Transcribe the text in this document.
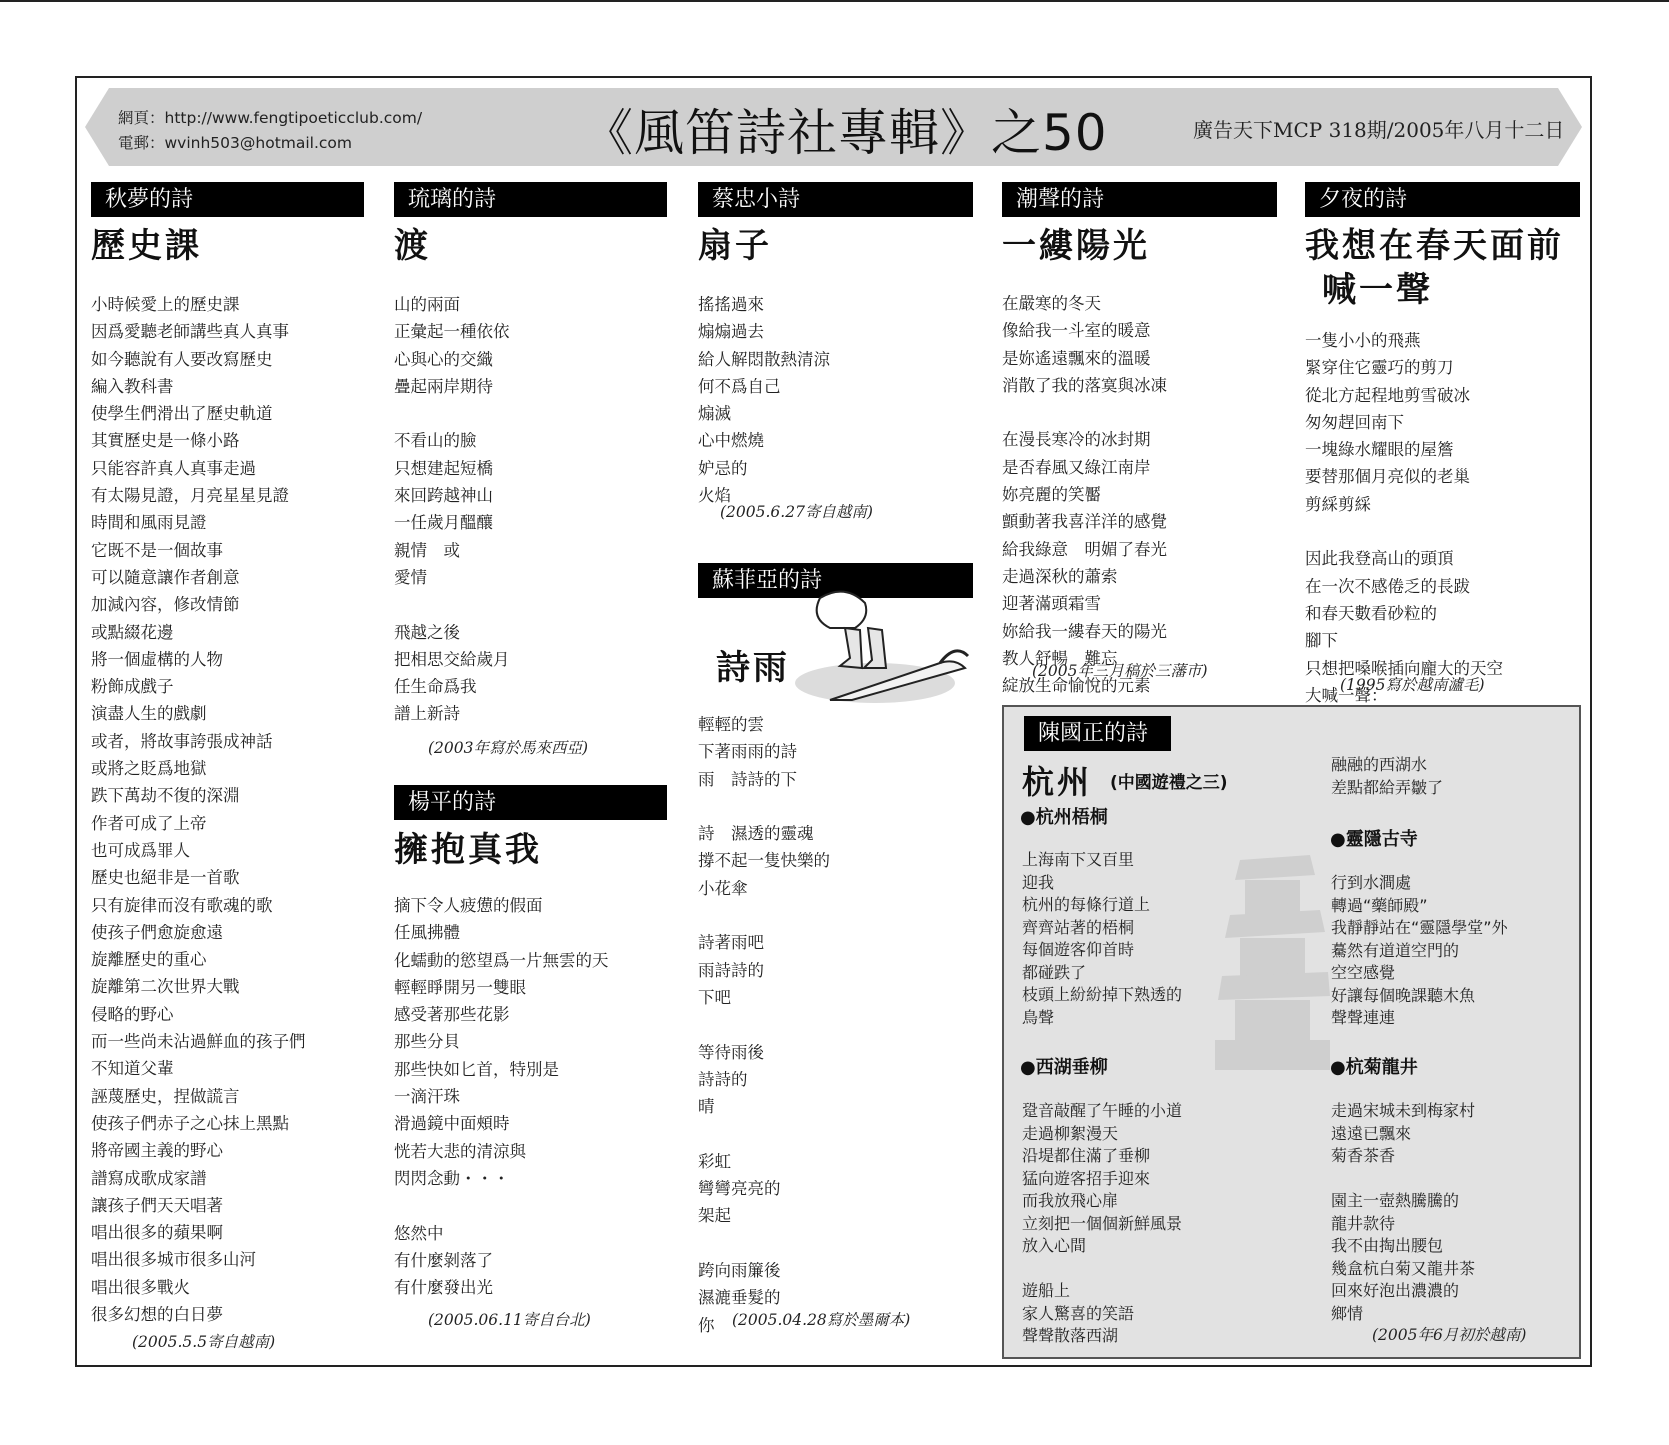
網頁：http://www.fengtipoeticclub.com/
電郵：wvinh503@hotmail.com	《風笛詩社專輯》之50	廣告天下MCP 318期/2005年八月十二日
秋夢的詩
歷史課
小時候愛上的歷史課
因爲愛聽老師講些真人真事
如今聽說有人要改寫歷史
編入教科書
使學生們滑出了歷史軌道
其實歷史是一條小路
只能容許真人真事走過
有太陽見證，月亮星星見證
時間和風雨見證
它既不是一個故事
可以隨意讓作者創意
加減內容，修改情節
或點綴花邊
將一個虛構的人物
粉飾成戲子
演盡人生的戲劇
或者，將故事誇張成神話
或將之貶爲地獄
跌下萬劫不復的深淵
作者可成了上帝
也可成爲罪人
歷史也絕非是一首歌
只有旋律而沒有歌魂的歌
使孩子們愈旋愈遠
旋離歷史的重心
旋離第二次世界大戰
侵略的野心
而一些尚未沾過鮮血的孩子們
不知道父輩
誣蔑歷史，捏做謊言
使孩子們赤子之心抹上黑點
將帝國主義的野心
譜寫成歌成家譜
讓孩子們天天唱著
唱出很多的蘋果啊
唱出很多城市很多山河
唱出很多戰火
很多幻想的白日夢
(2005.5.5寄自越南)
琉璃的詩
渡
山的兩面
正彙起一種依依
心與心的交織
疊起兩岸期待

不看山的臉
只想建起短橋
來回跨越神山
一任歲月醞釀
親情　或
愛情

飛越之後
把相思交給歲月
任生命爲我
譜上新詩
(2003年寫於馬來西亞)
楊平的詩
擁抱真我
摘下令人疲憊的假面
任風拂體
化蠕動的慾望爲一片無雲的天
輕輕睜開另一雙眼
感受著那些花影
那些分貝
那些快如匕首，特別是
一滴汗珠
滑過鏡中面頰時
恍若大悲的清涼與
閃閃念動・・・

悠然中
有什麼剝落了
有什麼發出光
(2005.06.11寄自台北)
蔡忠小詩
扇子
搖搖過來
煽煽過去
給人解悶散熱清涼
何不爲自己
煽滅
心中燃燒
妒忌的
火焰
(2005.6.27寄自越南)
蘇菲亞的詩
詩雨
輕輕的雲
下著雨雨的詩
雨　詩詩的下

詩　濕透的靈魂
撐不起一隻快樂的
小花傘

詩著雨吧
雨詩詩的
下吧

等待雨後
詩詩的
晴

彩虹
彎彎亮亮的
架起

跨向雨簾後
濕漉垂髮的
你	(2005.04.28寫於墨爾本)
潮聲的詩
一縷陽光
在嚴寒的冬天
像給我一斗室的暖意
是妳遙遠飄來的溫暖
消散了我的落寞與冰凍

在漫長寒冷的冰封期
是否春風又綠江南岸
妳亮麗的笑靨
顫動著我喜洋洋的感覺
給我綠意　明媚了春光
走過深秋的蕭索
迎著滿頭霜雪
妳給我一縷春天的陽光
教人舒暢　難忘
綻放生命愉悅的元素
(2005年三月稿於三藩市)
夕夜的詩
我想在春天面前
喊一聲
一隻小小的飛燕
緊穿住它靈巧的剪刀
從北方起程地剪雪破冰
匆匆趕回南下
一塊綠水耀眼的屋簷
要替那個月亮似的老巢
剪綵剪綵

因此我登高山的頭頂
在一次不感倦乏的長跋
和春天數看砂粒的
腳下
只想把嗓喉插向龐大的天空
大喊一聲：
(1995寫於越南瀘毛)
陳國正的詩
杭州 (中國遊禮之三)
●杭州梧桐
上海南下又百里
迎我
杭州的每條行道上
齊齊站著的梧桐
每個遊客仰首時
都碰跌了
枝頭上紛紛掉下熟透的
鳥聲
●西湖垂柳
跫音敲醒了午睡的小道
走過柳絮漫天
沿堤都住滿了垂柳
猛向遊客招手迎來
而我放飛心扉
立刻把一個個新鮮風景
放入心間

遊船上
家人驚喜的笑語
聲聲散落西湖
融融的西湖水
差點都給弄皺了
●靈隱古寺
行到水澗處
轉過“藥師殿”
我靜靜站在“靈隱學堂”外
驀然有道道空門的
空空感覺
好讓每個晚課聽木魚
聲聲連連
●杭菊龍井
走過宋城未到梅家村
遠遠已飄來
菊香茶香

園主一壺熱騰騰的
龍井款待
我不由掏出腰包
幾盒杭白菊又龍井茶
回來好泡出濃濃的
鄉情
(2005年6月初於越南)
